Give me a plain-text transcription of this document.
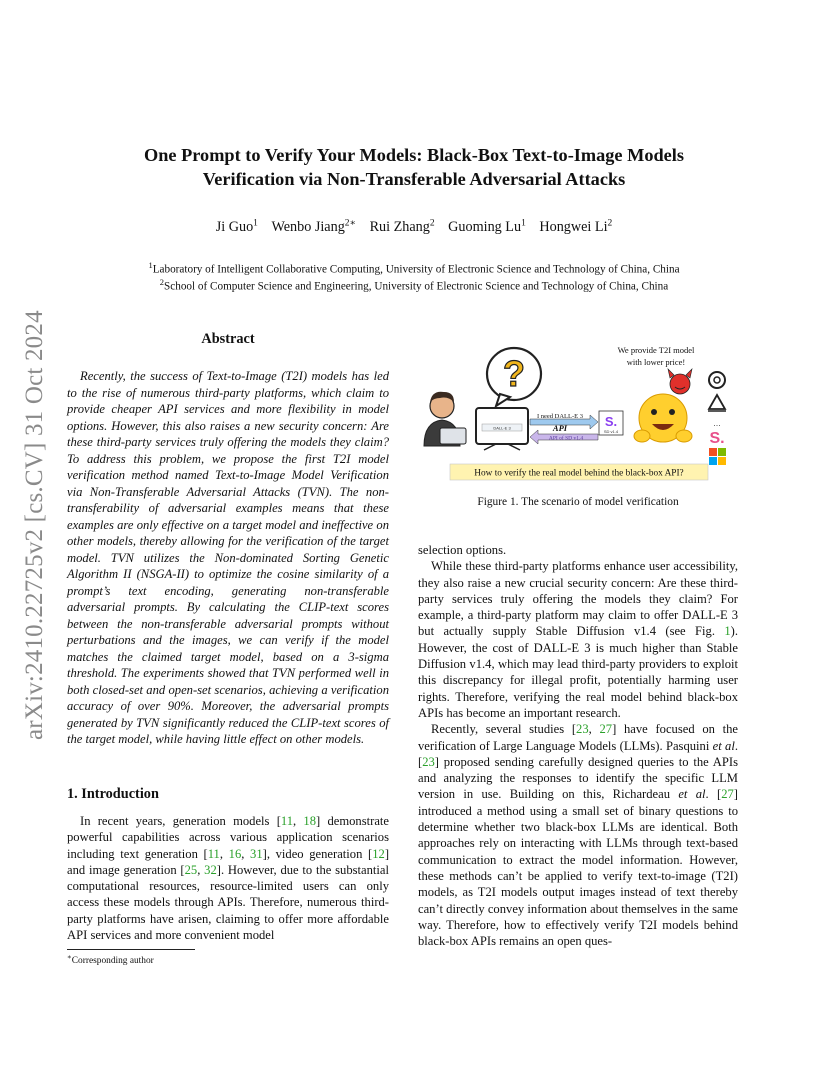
arXiv:2410.22725v2 [cs.CV] 31 Oct 2024
One Prompt to Verify Your Models: Black-Box Text-to-Image Models
Verification via Non-Transferable Adversarial Attacks
Ji Guo$^1$ Wenbo Jiang$^{2∗}$ Rui Zhang$^2$ Guoming Lu$^1$ Hongwei Li$^2$
$^1$Laboratory of Intelligent Collaborative Computing, University of Electronic Science and Technology of China, China
$^2$School of Computer Science and Engineering, University of Electronic Science and Technology of China, China
Abstract
Recently, the success of Text-to-Image (T2I) models has led to the rise of numerous third-party platforms, which claim to provide cheaper API services and more flexibility in model options. However, this also raises a new security concern: Are these third-party services truly offering the models they claim? To address this problem, we propose the first T2I model verification method named Text-to-Image Model Verification via Non-Transferable Adversarial Attacks (TVN). The non-transferability of adversarial examples means that these examples are only effective on a target model and ineffective on other models, thereby allowing for the verification of the target model. TVN utilizes the Non-dominated Sorting Genetic Algorithm II (NSGA-II) to optimize the cosine similarity of a prompt’s text encoding, generating non-transferable adversarial prompts. By calculating the CLIP-text scores between the non-transferable adversarial prompts without perturbations and the images, we can verify if the model matches the claimed target model, based on a 3-sigma threshold. The experiments showed that TVN performed well in both closed-set and open-set scenarios, achieving a verification accuracy of over 90%. Moreover, the adversarial prompts generated by TVN significantly reduced the CLIP-text scores of the target model, while having little effect on other models.
1. Introduction
In recent years, generation models [11, 18] demonstrate powerful capabilities across various application scenarios including text generation [11, 16, 31], video generation [12] and image generation [25, 32]. However, due to the substantial computational resources, resource-limited users can only access these models through APIs. Therefore, numerous third-party platforms have arisen, claiming to offer more affordable API services and more convenient model
∗Corresponding author
?
DALL-E 3
I need DALL-E 3
API
API of SD v1.4
S.
SD v1.4
We provide T2I model
with lower price!
...
S.
How to verify the real model behind the black-box API?
Figure 1. The scenario of model verification

selection options.

While these third-party platforms enhance user accessibility, they also raise a new crucial security concern: Are these third-party services truly offering the models they claim? For example, a third-party platform may claim to offer DALL-E 3 but actually supply Stable Diffusion v1.4 (see Fig. 1). However, the cost of DALL-E 3 is much higher than Stable Diffusion v1.4, which may lead third-party providers to exploit this discrepancy for illegal profit, potentially harming user rights. Therefore, verifying the real model behind black-box APIs has become an important research.

Recently, several studies [23, 27] have focused on the verification of Large Language Models (LLMs). Pasquini et al. [23] proposed sending carefully designed queries to the APIs and analyzing the responses to identify the specific LLM version in use. Building on this, Richardeau et al. [27] introduced a method using a small set of binary questions to determine whether two black-box LLMs are identical. Both approaches rely on interacting with LLMs through text-based communication to extract the model information. However, these methods can’t be applied to verify text-to-image (T2I) models, as T2I models output images instead of text thereby can’t directly convey information about themselves in the same way. Therefore, how to effectively verify T2I models behind black-box APIs remains an open ques-
